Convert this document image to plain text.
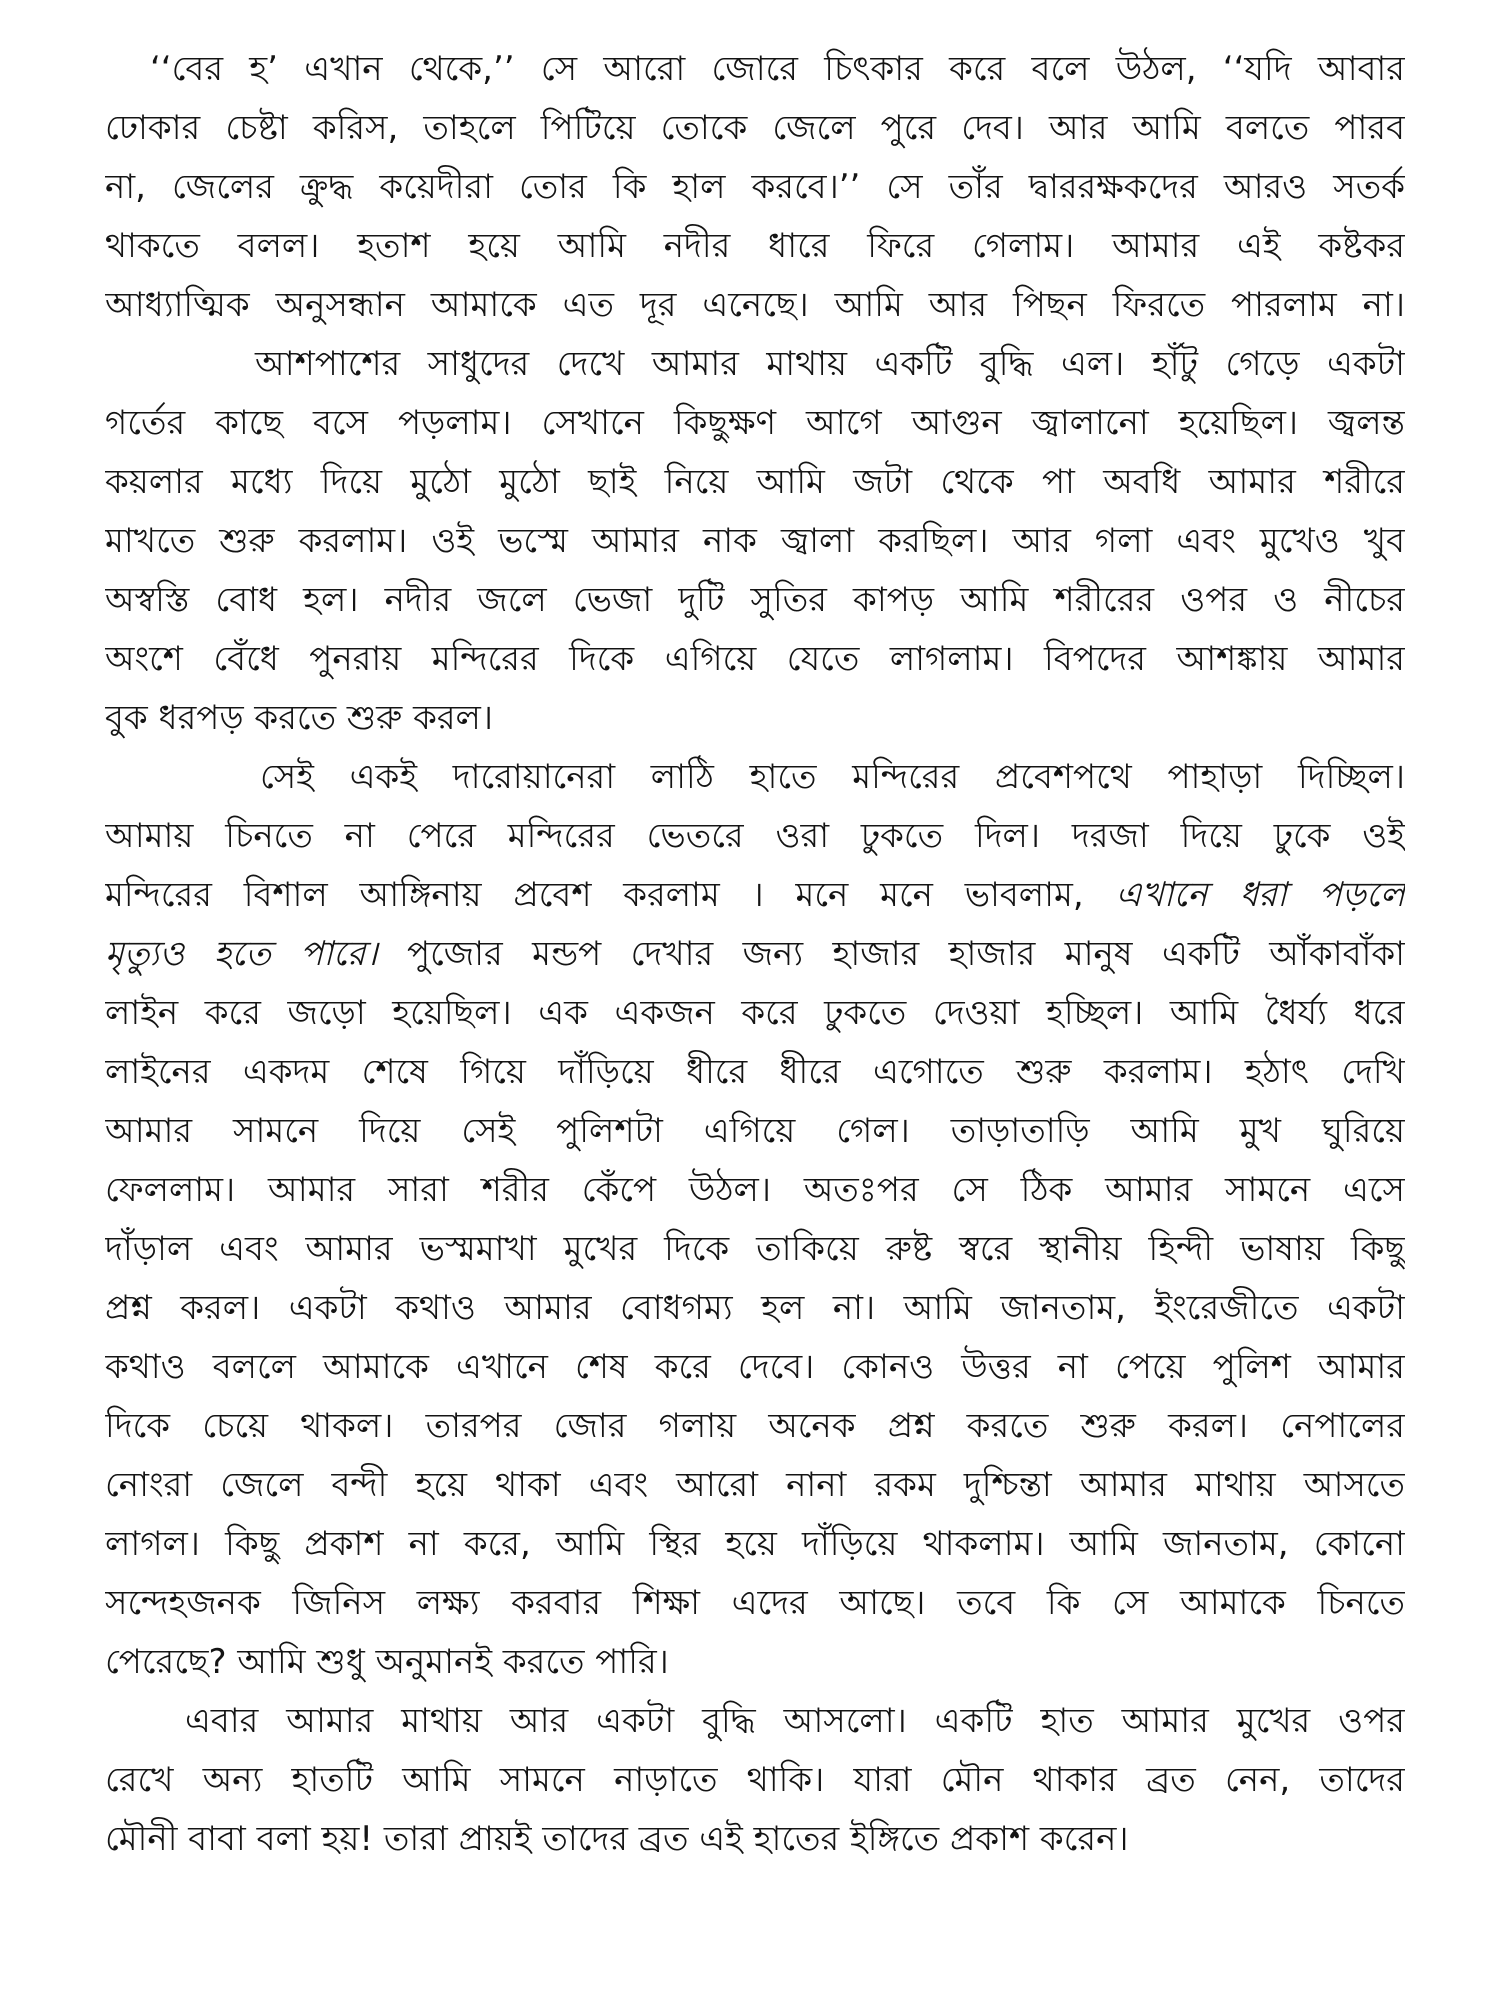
‘‘বের হ’ এখান থেকে,’’ সে আরো জোরে চিৎকার করে বলে উঠল, ‘‘যদি আবার
ঢোকার চেষ্টা করিস, তাহলে পিটিয়ে তোকে জেলে পুরে দেব। আর আমি বলতে পারব
না, জেলের ক্রুদ্ধ কয়েদীরা তোর কি হাল করবে।’’ সে তাঁর দ্বাররক্ষকদের আরও সতর্ক
থাকতে বলল। হতাশ হয়ে আমি নদীর ধারে ফিরে গেলাম। আমার এই কষ্টকর
আধ্যাত্মিক অনুসন্ধান আমাকে এত দূর এনেছে। আমি আর পিছন ফিরতে পারলাম না।
আশপাশের সাধুদের দেখে আমার মাথায় একটি বুদ্ধি এল। হাঁটু গেড়ে একটা
গর্তের কাছে বসে পড়লাম। সেখানে কিছুক্ষণ আগে আগুন জ্বালানো হয়েছিল। জ্বলন্ত
কয়লার মধ্যে দিয়ে মুঠো মুঠো ছাই নিয়ে আমি জটা থেকে পা অবধি আমার শরীরে
মাখতে শুরু করলাম। ওই ভস্মে আমার নাক জ্বালা করছিল। আর গলা এবং মুখেও খুব
অস্বস্তি বোধ হল। নদীর জলে ভেজা দুটি সুতির কাপড় আমি শরীরের ওপর ও নীচের
অংশে বেঁধে পুনরায় মন্দিরের দিকে এগিয়ে যেতে লাগলাম। বিপদের আশঙ্কায় আমার
বুক ধরপড় করতে শুরু করল।
সেই একই দারোয়ানেরা লাঠি হাতে মন্দিরের প্রবেশপথে পাহাড়া দিচ্ছিল।
আমায় চিনতে না পেরে মন্দিরের ভেতরে ওরা ঢুকতে দিল। দরজা দিয়ে ঢুকে ওই
মন্দিরের বিশাল আঙ্গিনায় প্রবেশ করলাম । মনে মনে ভাবলাম, এখানে ধরা পড়লে
মৃত্যুও হতে পারে। পুজোর মন্ডপ দেখার জন্য হাজার হাজার মানুষ একটি আঁকাবাঁকা
লাইন করে জড়ো হয়েছিল। এক একজন করে ঢুকতে দেওয়া হচ্ছিল। আমি ধৈর্য্য ধরে
লাইনের একদম শেষে গিয়ে দাঁড়িয়ে ধীরে ধীরে এগোতে শুরু করলাম। হঠাৎ দেখি
আমার সামনে দিয়ে সেই পুলিশটা এগিয়ে গেল। তাড়াতাড়ি আমি মুখ ঘুরিয়ে
ফেললাম। আমার সারা শরীর কেঁপে উঠল। অতঃপর সে ঠিক আমার সামনে এসে
দাঁড়াল এবং আমার ভস্মমাখা মুখের দিকে তাকিয়ে রুষ্ট স্বরে স্থানীয় হিন্দী ভাষায় কিছু
প্রশ্ন করল। একটা কথাও আমার বোধগম্য হল না। আমি জানতাম, ইংরেজীতে একটা
কথাও বললে আমাকে এখানে শেষ করে দেবে। কোনও উত্তর না পেয়ে পুলিশ আমার
দিকে চেয়ে থাকল। তারপর জোর গলায় অনেক প্রশ্ন করতে শুরু করল। নেপালের
নোংরা জেলে বন্দী হয়ে থাকা এবং আরো নানা রকম দুশ্চিন্তা আমার মাথায় আসতে
লাগল। কিছু প্রকাশ না করে, আমি স্থির হয়ে দাঁড়িয়ে থাকলাম। আমি জানতাম, কোনো
সন্দেহজনক জিনিস লক্ষ্য করবার শিক্ষা এদের আছে। তবে কি সে আমাকে চিনতে
পেরেছে? আমি শুধু অনুমানই করতে পারি।
এবার আমার মাথায় আর একটা বুদ্ধি আসলো। একটি হাত আমার মুখের ওপর
রেখে অন্য হাতটি আমি সামনে নাড়াতে থাকি। যারা মৌন থাকার ব্রত নেন, তাদের
মৌনী বাবা বলা হয়! তারা প্রায়ই তাদের ব্রত এই হাতের ইঙ্গিতে প্রকাশ করেন।
